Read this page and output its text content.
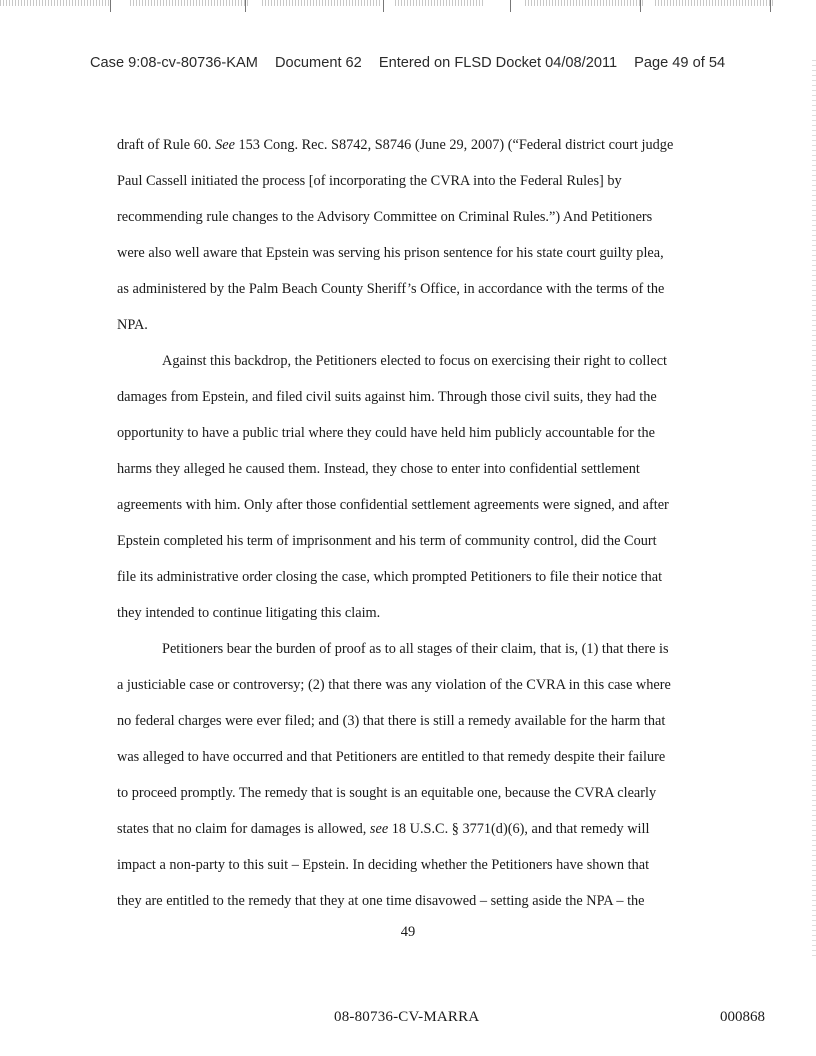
Case 9:08-cv-80736-KAM Document 62 Entered on FLSD Docket 04/08/2011 Page 49 of 54

draft of Rule 60. See 153 Cong. Rec. S8742, S8746 (June 29, 2007) (“Federal district court judge
Paul Cassell initiated the process [of incorporating the CVRA into the Federal Rules] by
recommending rule changes to the Advisory Committee on Criminal Rules.”) And Petitioners
were also well aware that Epstein was serving his prison sentence for his state court guilty plea,
as administered by the Palm Beach County Sheriff’s Office, in accordance with the terms of the
NPA.

Against this backdrop, the Petitioners elected to focus on exercising their right to collect
damages from Epstein, and filed civil suits against him. Through those civil suits, they had the
opportunity to have a public trial where they could have held him publicly accountable for the
harms they alleged he caused them. Instead, they chose to enter into confidential settlement
agreements with him. Only after those confidential settlement agreements were signed, and after
Epstein completed his term of imprisonment and his term of community control, did the Court
file its administrative order closing the case, which prompted Petitioners to file their notice that
they intended to continue litigating this claim.

Petitioners bear the burden of proof as to all stages of their claim, that is, (1) that there is
a justiciable case or controversy; (2) that there was any violation of the CVRA in this case where
no federal charges were ever filed; and (3) that there is still a remedy available for the harm that
was alleged to have occurred and that Petitioners are entitled to that remedy despite their failure
to proceed promptly. The remedy that is sought is an equitable one, because the CVRA clearly
states that no claim for damages is allowed, see 18 U.S.C. § 3771(d)(6), and that remedy will
impact a non-party to this suit – Epstein. In deciding whether the Petitioners have shown that
they are entitled to the remedy that they at one time disavowed – setting aside the NPA – the

49
08-80736-CV-MARRA	000868
